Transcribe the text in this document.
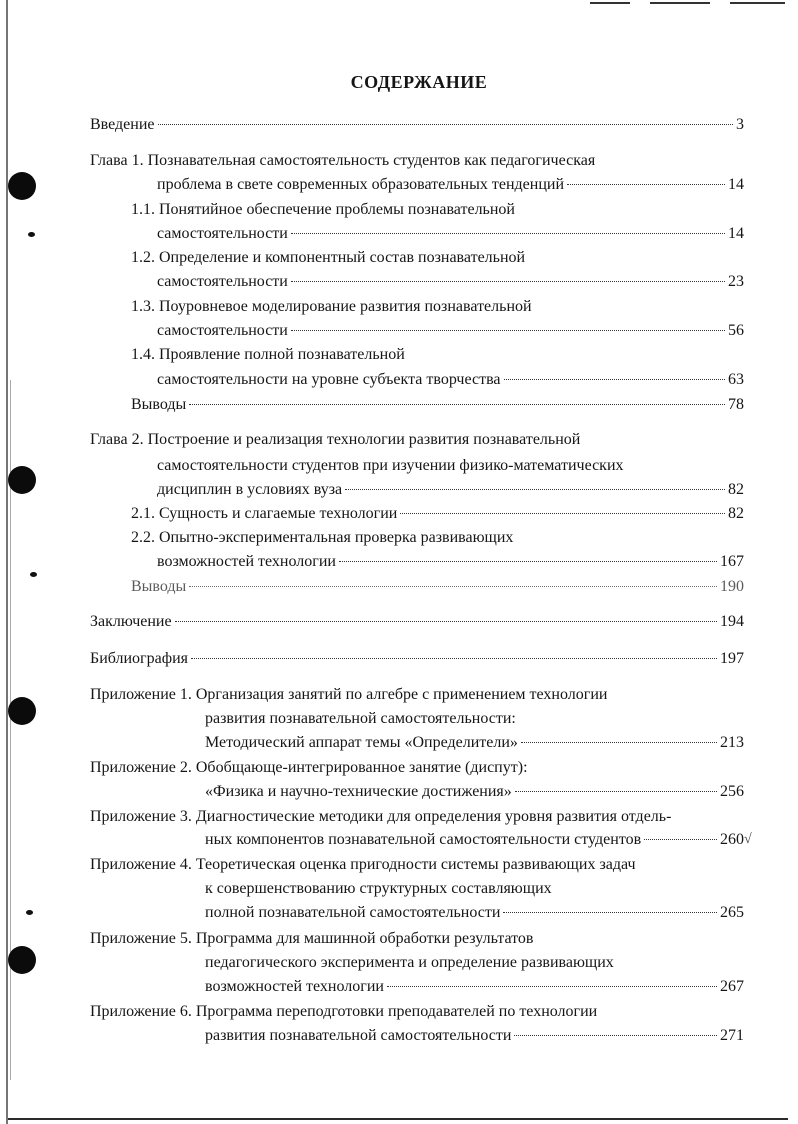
СОДЕРЖАНИЕ
Введение	3
Глава 1. Познавательная самостоятельность студентов как педагогическая
проблема в свете современных образовательных тенденций	14
1.1. Понятийное обеспечение проблемы познавательной
самостоятельности	14
1.2. Определение и компонентный состав познавательной
самостоятельности	23
1.3. Поуровневое моделирование развития познавательной
самостоятельности	56
1.4. Проявление полной познавательной
самостоятельности на уровне субъекта творчества	63
Выводы	78
Глава 2. Построение и реализация технологии развития познавательной
самостоятельности студентов при изучении физико-математических
дисциплин в условиях вуза	82
2.1. Сущность и слагаемые технологии	82
2.2. Опытно-экспериментальная проверка развивающих
возможностей технологии	167
Выводы	190
Заключение	194
Библиография	197
Приложение 1. Организация занятий по алгебре с применением технологии
развития познавательной самостоятельности:
Методический аппарат темы «Определители»	213
Приложение 2. Обобщающе-интегрированное занятие (диспут):
«Физика и научно-технические достижения»	256
Приложение 3. Диагностические методики для определения уровня развития отдель-
ных компонентов познавательной самостоятельности студентов	260 √
Приложение 4. Теоретическая оценка пригодности системы развивающих задач
к совершенствованию структурных составляющих
полной познавательной самостоятельности	265
Приложение 5. Программа для машинной обработки результатов
педагогического эксперимента и определение развивающих
возможностей технологии	267
Приложение 6. Программа переподготовки преподавателей по технологии
развития познавательной самостоятельности	271
